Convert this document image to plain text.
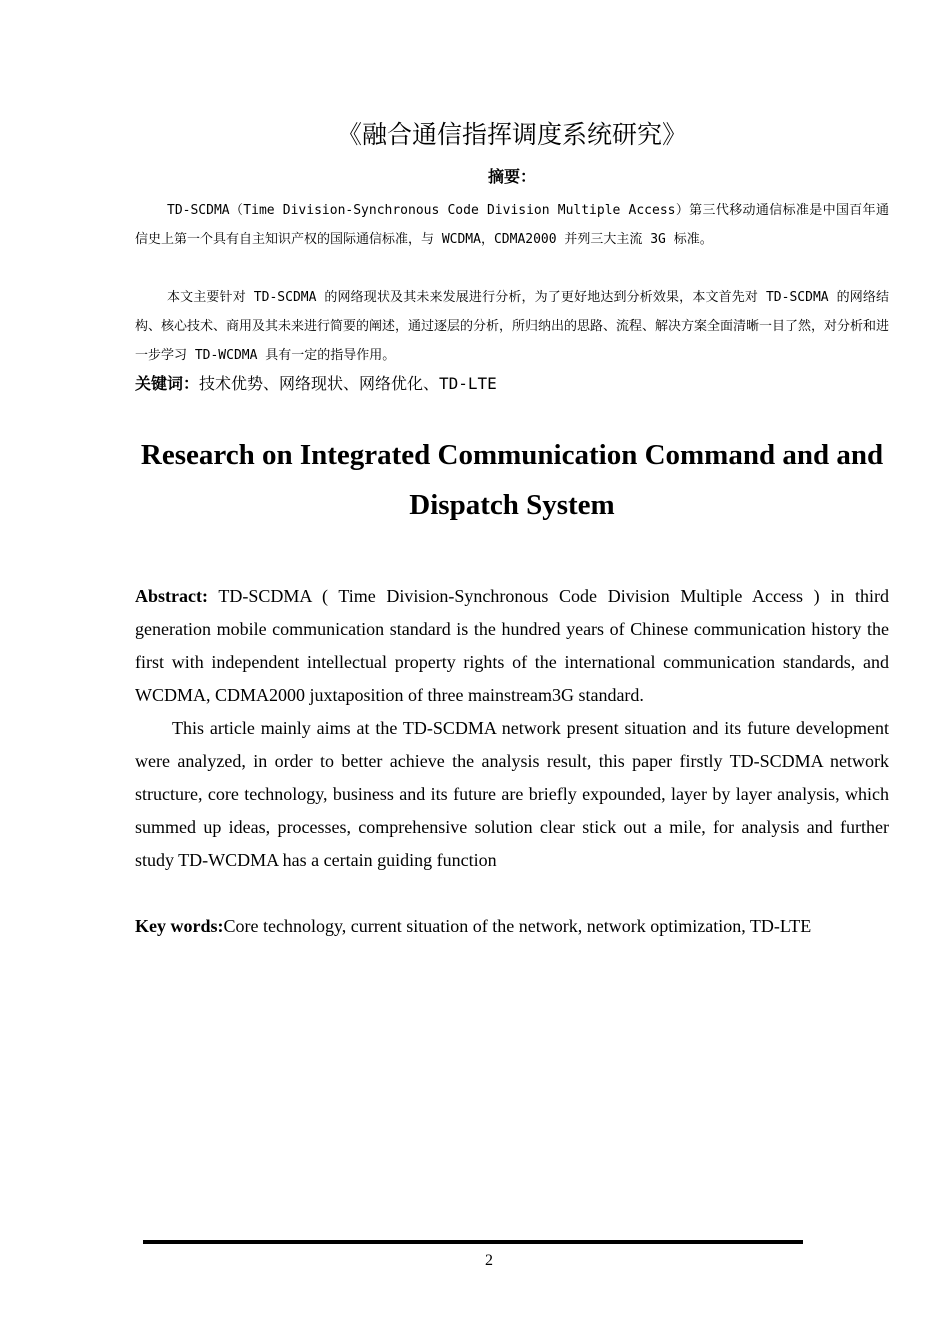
《融合通信指挥调度系统研究》
摘要：

TD-SCDMA（Time Division-Synchronous Code Division Multiple Access）第三代移动通信标准是中国百年通信史上第一个具有自主知识产权的国际通信标准，与 WCDMA，CDMA2000 并列三大主流 3G 标准。

本文主要针对 TD-SCDMA 的网络现状及其未来发展进行分析，为了更好地达到分析效果，本文首先对 TD-SCDMA 的网络结构、核心技术、商用及其未来进行简要的阐述，通过逐层的分析，所归纳出的思路、流程、解决方案全面清晰一目了然，对分析和进一步学习 TD-WCDMA 具有一定的指导作用。

关键词：技术优势、网络现状、网络优化、TD-LTE
Research on Integrated Communication Command and and Dispatch System

Abstract: TD-SCDMA ( Time Division-Synchronous Code Division Multiple Access ) in third generation mobile communication standard is the hundred years of Chinese communication history the first with independent intellectual property rights of the international communication standards, and WCDMA, CDMA2000 juxtaposition of three mainstream3G standard.

This article mainly aims at the TD-SCDMA network present situation and its future development were analyzed, in order to better achieve the analysis result, this paper firstly TD-SCDMA network structure, core technology, business and its future are briefly expounded, layer by layer analysis, which summed up ideas, processes, comprehensive solution clear stick out a mile, for analysis and further study TD-WCDMA has a certain guiding function

Key words:Core technology, current situation of the network, network optimization, TD-LTE

2
